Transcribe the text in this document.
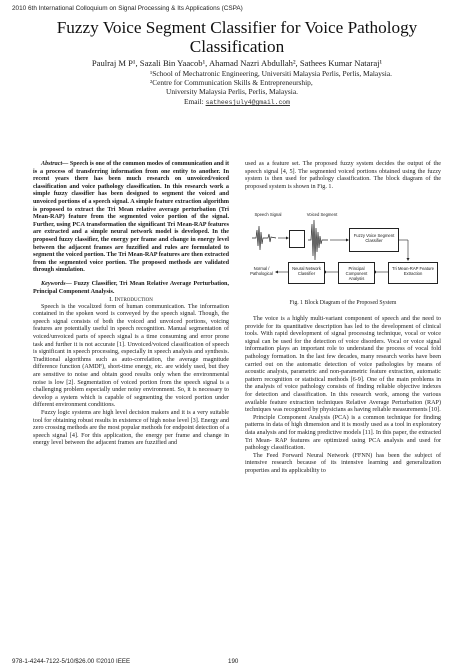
2010 6th International Colloquium on Signal Processing & Its Applications (CSPA)
Fuzzy Voice Segment Classifier for Voice Pathology
Classification
Paulraj M P¹, Sazali Bin Yaacob¹, Ahamad Nazri Abdullah², Sathees Kumar Nataraj¹
¹School of Mechatronic Engineering, Universiti Malaysia Perlis, Perlis, Malaysia.
²Centre for Communication Skills & Entrepreneurship,
University Malaysia Perlis, Perlis, Malaysia.
Email: satheesjuly4@gmail.com

Abstract— Speech is one of the common modes of communication and it is a process of transferring information from one entity to another. In recent years there has been much research on unvoiced/voiced classification and voice pathology classification. In this research work a simple fuzzy classifier has been designed to segment the voiced and unvoiced portions of a speech signal. A simple feature extraction algorithm is proposed to extract the Tri Mean relative average perturbation (Tri Mean-RAP) feature from the segmented voice portion of the signal. Further, using PCA transformation the significant Tri Mean-RAP features are extracted and a simple neural network model is developed. In the proposed fuzzy classifier, the energy per frame and change in energy level between the adjacent frames are fuzzified and rules are formulated to segment the voiced portion. The Tri Mean-RAP features are then extracted from the segmented voice portion. The proposed methods are validated through simulation.

Keywords— Fuzzy Classifier, Tri Mean Relative Average Perturbation, Principal Component Analysis.

I. Introduction

Speech is the vocalized form of human communication. The information contained in the spoken word is conveyed by the speech signal. Though, the speech signal consists of both the voiced and unvoiced portions, voicing features are potentially useful in speech recognition. Manual segmentation of voiced/unvoiced parts of speech signal is a time consuming and error prone task and further it is not accurate [1]. Unvoiced/voiced classification of speech is significant in speech processing, especially in speech analysis and synthesis. Traditional algorithms such as auto-correlation, the average magnitude difference function (AMDF), short-time energy, etc. are widely used, but they are sensitive to noise and obtain good results only when the environmental noise is low [2]. Segmentation of voiced portion from the speech signal is a challenging problem especially under noisy environment. So, it is necessary to develop a system which is capable of segmenting the voiced portion under different environment conditions.

Fuzzy logic systems are high level decision makers and it is a very suitable tool for obtaining robust results in existence of high noise level [3]. Energy and zero crossing methods are the most popular methods for endpoint detection of a speech signal [4]. For this application, the energy per frame and change in energy level between the adjacent frames are fuzzified and

used as a feature set. The proposed fuzzy system decides the output of the speech signal [4, 5]. The segmented voiced portions obtained using the fuzzy system is then used for pathology classification. The block diagram of the proposed system is shown in Fig. 1.

Speech Signal	Voiced Segment
Fuzzy Voice Segment Classifier
Tri Mean-RAP Feature Extraction
Principal Component Analysis
Neural Network Classifier
Normal / Pathological
Fig. 1 Block Diagram of the Proposed System

The voice is a highly multi-variant component of speech and the need to provide for its quantitative description has led to the development of clinical tools. With rapid development of signal processing technique, vocal or voice signal can be used for the detection of voice disorders. Vocal or voice signal information plays an important role to understand the process of vocal fold pathology formation. In the last few decades, many research works have been carried out on the automatic detection of voice pathologies by means of acoustic analysis, parametric and non-parametric feature extraction, automatic pattern recognition or statistical methods [6-9]. One of the main problems in the analysis of voice pathology consists of finding reliable objective indexes for detection and classification. In this research work, among the various available feature extraction techniques Relative Average Perturbation (RAP) techniques was recognized by physicians as having reliable measurements [10].

Principle Component Analysis (PCA) is a common technique for finding patterns in data of high dimension and it is mostly used as a tool in exploratory data analysis and for making predictive models [11]. In this paper, the extracted Tri Mean- RAP features are optimized using PCA analysis and used for pathology classification.

The Feed Forward Neural Network (FFNN) has been the subject of intensive research because of its intensive learning and generalization properties and its applicability to

978-1-4244-7122-5/10/$26.00 ©2010 IEEE	190
